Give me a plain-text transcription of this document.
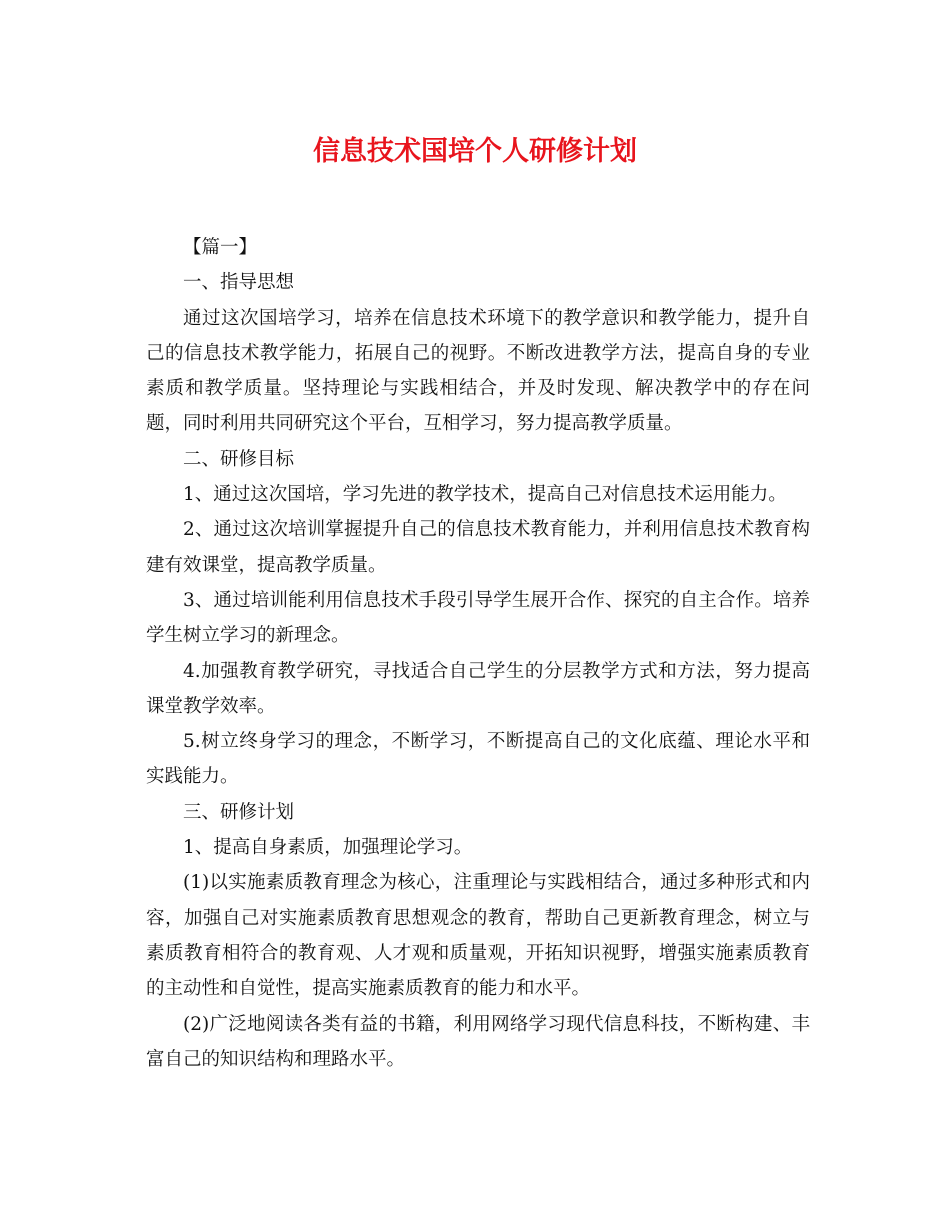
信息技术国培个人研修计划

【篇一】

一、指导思想

通过这次国培学习，培养在信息技术环境下的教学意识和教学能力，提升自己的信息技术教学能力，拓展自己的视野。不断改进教学方法，提高自身的专业素质和教学质量。坚持理论与实践相结合，并及时发现、解决教学中的存在问题，同时利用共同研究这个平台，互相学习，努力提高教学质量。

二、研修目标

1、通过这次国培，学习先进的教学技术，提高自己对信息技术运用能力。

2、通过这次培训掌握提升自己的信息技术教育能力，并利用信息技术教育构建有效课堂，提高教学质量。

3、通过培训能利用信息技术手段引导学生展开合作、探究的自主合作。培养学生树立学习的新理念。

4.加强教育教学研究，寻找适合自己学生的分层教学方式和方法，努力提高课堂教学效率。

5.树立终身学习的理念，不断学习，不断提高自己的文化底蕴、理论水平和实践能力。

三、研修计划

1、提高自身素质，加强理论学习。

(1)以实施素质教育理念为核心，注重理论与实践相结合，通过多种形式和内容，加强自己对实施素质教育思想观念的教育，帮助自己更新教育理念，树立与素质教育相符合的教育观、人才观和质量观，开拓知识视野，增强实施素质教育的主动性和自觉性，提高实施素质教育的能力和水平。

(2)广泛地阅读各类有益的书籍，利用网络学习现代信息科技，不断构建、丰富自己的知识结构和理路水平。
